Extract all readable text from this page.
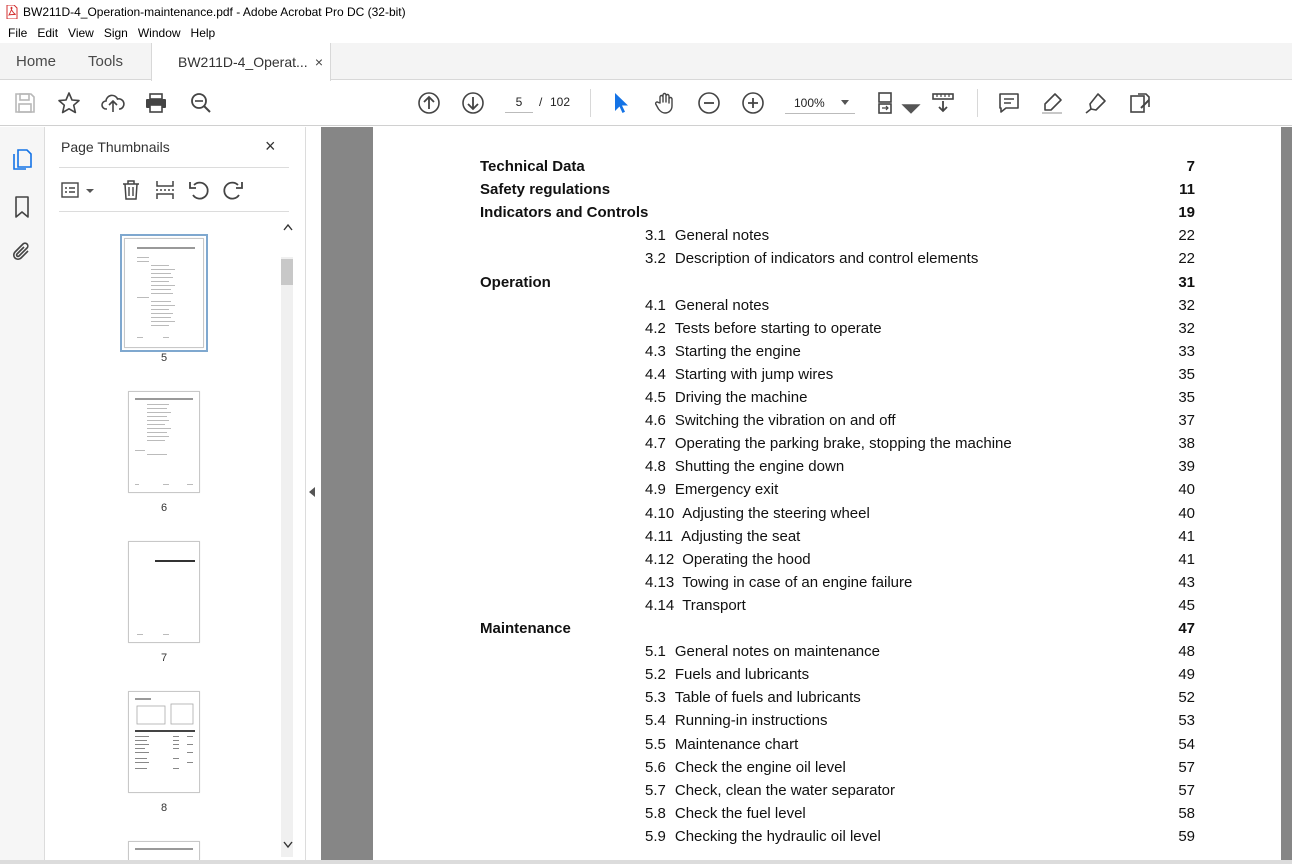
BW211D-4_Operation-maintenance.pdf - Adobe Acrobat Pro DC (32-bit)
File Edit View Sign Window Help
Home Tools	BW211D-4_Operat... ×
5
/ 102	100%
Page Thumbnails	×
5
6
7
8
Technical Data	7
Safety regulations	11
Indicators and Controls	19
3.1 General notes	22
3.2 Description of indicators and control elements	22
Operation	31
4.1 General notes	32
4.2 Tests before starting to operate	32
4.3 Starting the engine	33
4.4 Starting with jump wires	35
4.5 Driving the machine	35
4.6 Switching the vibration on and off	37
4.7 Operating the parking brake, stopping the machine	38
4.8 Shutting the engine down	39
4.9 Emergency exit	40
4.10 Adjusting the steering wheel	40
4.11 Adjusting the seat	41
4.12 Operating the hood	41
4.13 Towing in case of an engine failure	43
4.14 Transport	45
Maintenance	47
5.1 General notes on maintenance	48
5.2 Fuels and lubricants	49
5.3 Table of fuels and lubricants	52
5.4 Running-in instructions	53
5.5 Maintenance chart	54
5.6 Check the engine oil level	57
5.7 Check, clean the water separator	57
5.8 Check the fuel level	58
5.9 Checking the hydraulic oil level	59
